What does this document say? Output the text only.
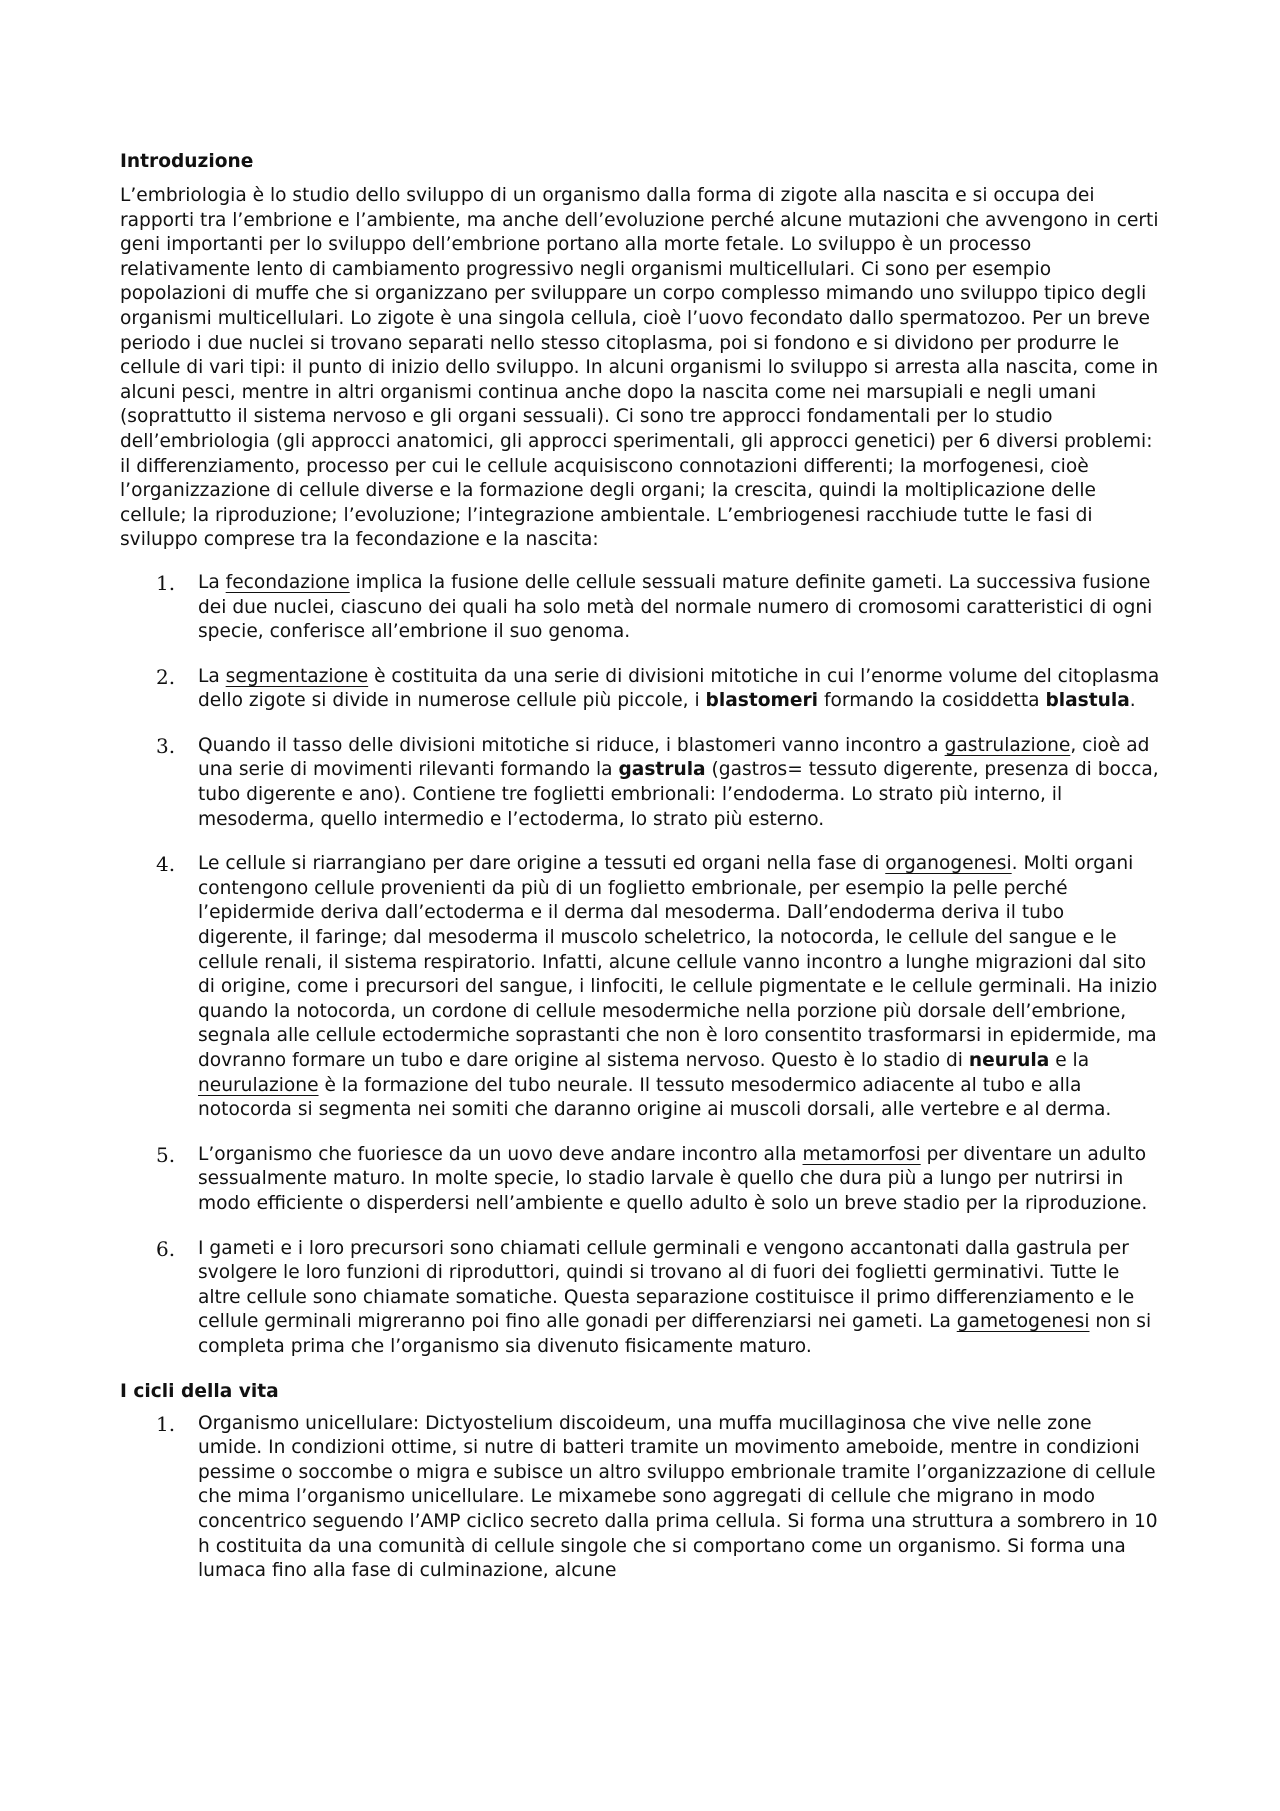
Introduzione

L’embriologia è lo studio dello sviluppo di un organismo dalla forma di zigote alla nascita e si occupa dei rapporti tra l’embrione e l’ambiente, ma anche dell’evoluzione perché alcune mutazioni che avvengono in certi geni importanti per lo sviluppo dell’embrione portano alla morte fetale. Lo sviluppo è un processo relativamente lento di cambiamento progressivo negli organismi multicellulari. Ci sono per esempio popolazioni di muffe che si organizzano per sviluppare un corpo complesso mimando uno sviluppo tipico degli organismi multicellulari. Lo zigote è una singola cellula, cioè l’uovo fecondato dallo spermatozoo. Per un breve periodo i due nuclei si trovano separati nello stesso citoplasma, poi si fondono e si dividono per produrre le cellule di vari tipi: il punto di inizio dello sviluppo. In alcuni organismi lo sviluppo si arresta alla nascita, come in alcuni pesci, mentre in altri organismi continua anche dopo la nascita come nei marsupiali e negli umani (soprattutto il sistema nervoso e gli organi sessuali). Ci sono tre approcci fondamentali per lo studio dell’embriologia (gli approcci anatomici, gli approcci sperimentali, gli approcci genetici) per 6 diversi problemi: il differenziamento, processo per cui le cellule acquisiscono connotazioni differenti; la morfogenesi, cioè l’organizzazione di cellule diverse e la formazione degli organi; la crescita, quindi la moltiplicazione delle cellule; la riproduzione; l’evoluzione; l’integrazione ambientale. L’embriogenesi racchiude tutte le fasi di sviluppo comprese tra la fecondazione e la nascita:

1. La fecondazione implica la fusione delle cellule sessuali mature definite gameti. La successiva fusione dei due nuclei, ciascuno dei quali ha solo metà del normale numero di cromosomi caratteristici di ogni specie, conferisce all’embrione il suo genoma.
2. La segmentazione è costituita da una serie di divisioni mitotiche in cui l’enorme volume del citoplasma dello zigote si divide in numerose cellule più piccole, i blastomeri formando la cosiddetta blastula.
3. Quando il tasso delle divisioni mitotiche si riduce, i blastomeri vanno incontro a gastrulazione, cioè ad una serie di movimenti rilevanti formando la gastrula (gastros= tessuto digerente, presenza di bocca, tubo digerente e ano). Contiene tre foglietti embrionali: l’endoderma. Lo strato più interno, il mesoderma, quello intermedio e l’ectoderma, lo strato più esterno.
4. Le cellule si riarrangiano per dare origine a tessuti ed organi nella fase di organogenesi. Molti organi contengono cellule provenienti da più di un foglietto embrionale, per esempio la pelle perché l’epidermide deriva dall’ectoderma e il derma dal mesoderma. Dall’endoderma deriva il tubo digerente, il faringe; dal mesoderma il muscolo scheletrico, la notocorda, le cellule del sangue e le cellule renali, il sistema respiratorio. Infatti, alcune cellule vanno incontro a lunghe migrazioni dal sito di origine, come i precursori del sangue, i linfociti, le cellule pigmentate e le cellule germinali. Ha inizio quando la notocorda, un cordone di cellule mesodermiche nella porzione più dorsale dell’embrione, segnala alle cellule ectodermiche soprastanti che non è loro consentito trasformarsi in epidermide, ma dovranno formare un tubo e dare origine al sistema nervoso. Questo è lo stadio di neurula e la neurulazione è la formazione del tubo neurale. Il tessuto mesodermico adiacente al tubo e alla notocorda si segmenta nei somiti che daranno origine ai muscoli dorsali, alle vertebre e al derma.
5. L’organismo che fuoriesce da un uovo deve andare incontro alla metamorfosi per diventare un adulto sessualmente maturo. In molte specie, lo stadio larvale è quello che dura più a lungo per nutrirsi in modo efficiente o disperdersi nell’ambiente e quello adulto è solo un breve stadio per la riproduzione.
6. I gameti e i loro precursori sono chiamati cellule germinali e vengono accantonati dalla gastrula per svolgere le loro funzioni di riproduttori, quindi si trovano al di fuori dei foglietti germinativi. Tutte le altre cellule sono chiamate somatiche. Questa separazione costituisce il primo differenziamento e le cellule germinali migreranno poi fino alle gonadi per differenziarsi nei gameti. La gametogenesi non si completa prima che l’organismo sia divenuto fisicamente maturo.
I cicli della vita
1. Organismo unicellulare: Dictyostelium discoideum, una muffa mucillaginosa che vive nelle zone umide. In condizioni ottime, si nutre di batteri tramite un movimento ameboide, mentre in condizioni pessime o soccombe o migra e subisce un altro sviluppo embrionale tramite l’organizzazione di cellule che mima l’organismo unicellulare. Le mixamebe sono aggregati di cellule che migrano in modo concentrico seguendo l’AMP ciclico secreto dalla prima cellula. Si forma una struttura a sombrero in 10 h costituita da una comunità di cellule singole che si comportano come un organismo. Si forma una lumaca fino alla fase di culminazione, alcune
